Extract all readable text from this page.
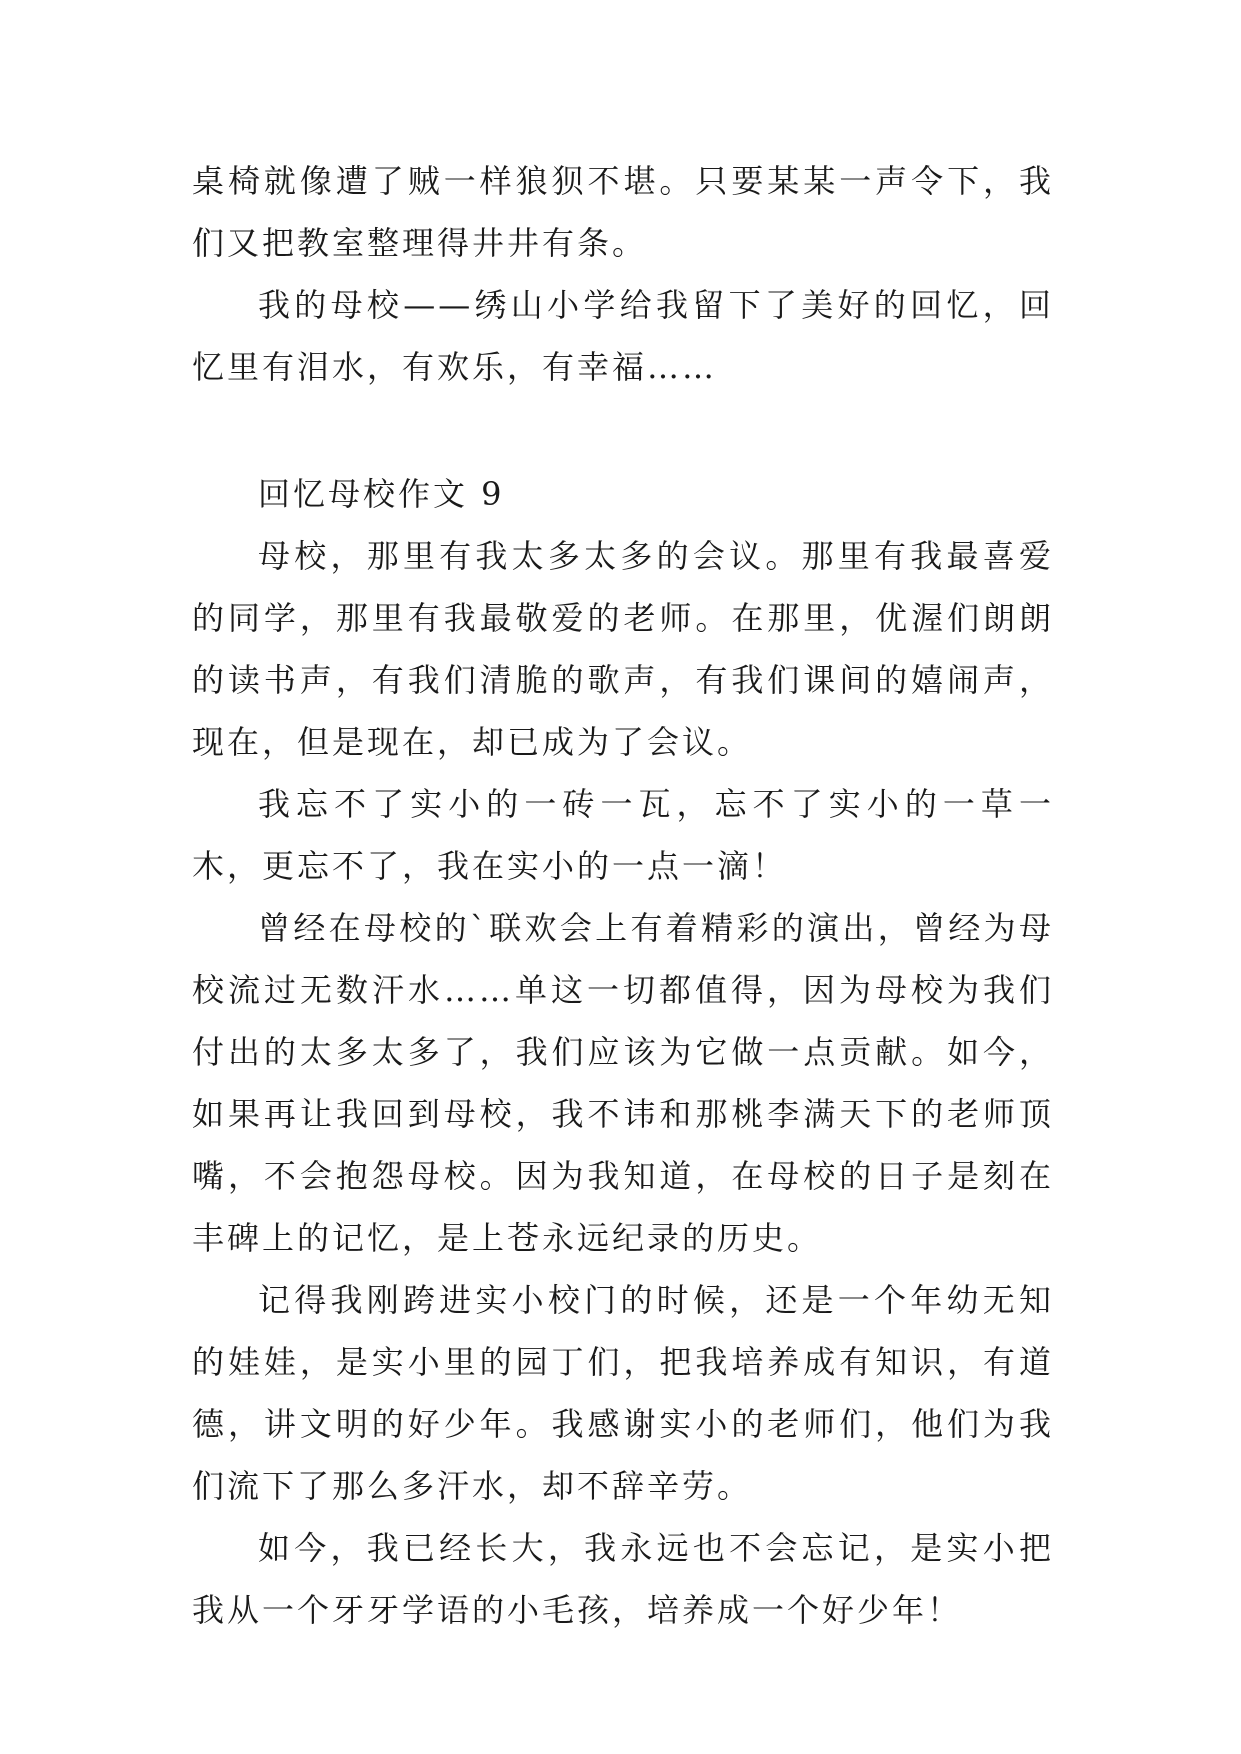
桌椅就像遭了贼一样狼狈不堪。只要某某一声令下，我们又把教室整理得井井有条。

我的母校——绣山小学给我留下了美好的回忆，回忆里有泪水，有欢乐，有幸福……

回忆母校作文 9

母校，那里有我太多太多的会议。那里有我最喜爱的同学，那里有我最敬爱的老师。在那里，优渥们朗朗的读书声，有我们清脆的歌声，有我们课间的嬉闹声，现在，但是现在，却已成为了会议。

我忘不了实小的一砖一瓦，忘不了实小的一草一木，更忘不了，我在实小的一点一滴！

曾经在母校的`联欢会上有着精彩的演出，曾经为母校流过无数汗水……单这一切都值得，因为母校为我们付出的太多太多了，我们应该为它做一点贡献。如今，如果再让我回到母校，我不讳和那桃李满天下的老师顶嘴，不会抱怨母校。因为我知道，在母校的日子是刻在丰碑上的记忆，是上苍永远纪录的历史。

记得我刚跨进实小校门的时候，还是一个年幼无知的娃娃，是实小里的园丁们，把我培养成有知识，有道德，讲文明的好少年。我感谢实小的老师们，他们为我们流下了那么多汗水，却不辞辛劳。

如今，我已经长大，我永远也不会忘记，是实小把我从一个牙牙学语的小毛孩，培养成一个好少年！
